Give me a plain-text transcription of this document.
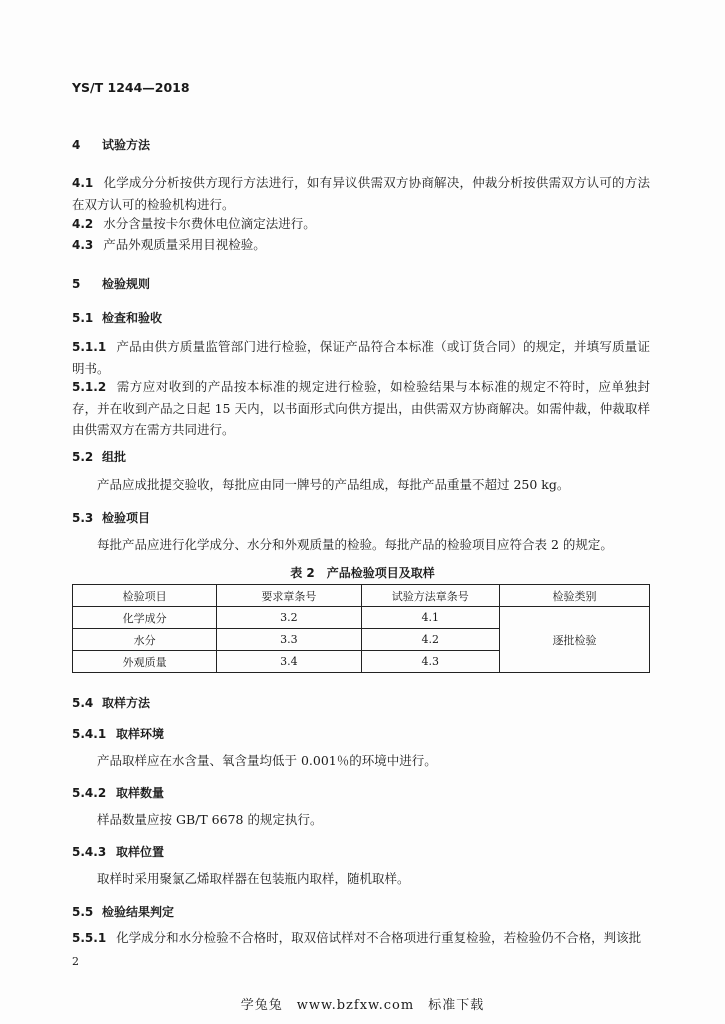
YS/T 1244—2018
4 试验方法
4.1 化学成分分析按供方现行方法进行，如有异议供需双方协商解决，仲裁分析按供需双方认可的方法在双方认可的检验机构进行。
4.2 水分含量按卡尔费休电位滴定法进行。
4.3 产品外观质量采用目视检验。
5 检验规则
5.1 检查和验收
5.1.1 产品由供方质量监管部门进行检验，保证产品符合本标准（或订货合同）的规定，并填写质量证明书。
5.1.2 需方应对收到的产品按本标准的规定进行检验，如检验结果与本标准的规定不符时，应单独封存，并在收到产品之日起 15 天内，以书面形式向供方提出，由供需双方协商解决。如需仲裁，仲裁取样由供需双方在需方共同进行。
5.2 组批
产品应成批提交验收，每批应由同一牌号的产品组成，每批产品重量不超过 250 kg。
5.3 检验项目
每批产品应进行化学成分、水分和外观质量的检验。每批产品的检验项目应符合表 2 的规定。
表 2　产品检验项目及取样
检验项目	要求章条号	试验方法章条号	检验类别
化学成分	3.2	4.1	逐批检验
水分	3.3	4.2	
外观质量	3.4	4.3	
5.4 取样方法
5.4.1 取样环境
产品取样应在水含量、氧含量均低于 0.001％的环境中进行。
5.4.2 取样数量
样品数量应按 GB/T 6678 的规定执行。
5.4.3 取样位置
取样时采用聚氯乙烯取样器在包装瓶内取样，随机取样。
5.5 检验结果判定
5.5.1 化学成分和水分检验不合格时，取双倍试样对不合格项进行重复检验，若检验仍不合格，判该批
2
学兔兔　www.bzfxw.com　标准下载
